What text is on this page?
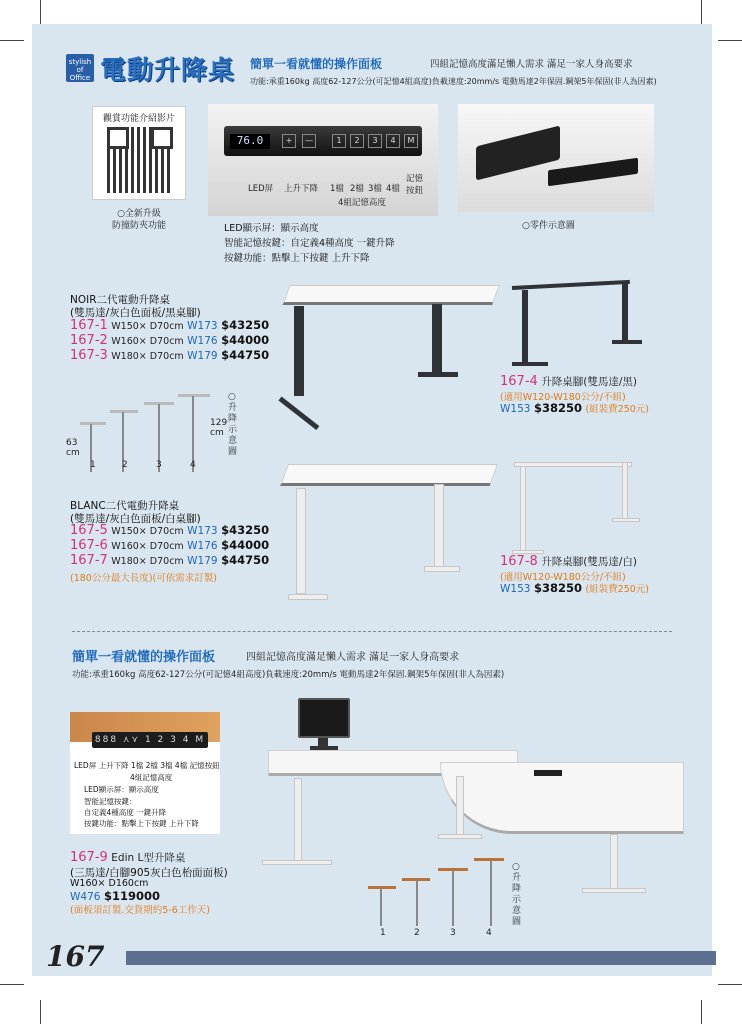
stylish of Office 電動升降桌 簡單一看就懂的操作面板	四組記憶高度滿足懶人需求 滿足一家人身高要求
功能:承重160kg 高度62-127公分(可記憶4組高度)負載速度:20mm/s 電動馬達2年保固.鋼架5年保固(非人為因素)
觀賞功能介紹影片
○全新升級
防撞防夾功能
76.0	+	—	1	2	3	4	M
LED屏 上升下降 1檔 2檔 3檔 4檔
記憶
按鈕
4組記憶高度
LED顯示屏：顯示高度
智能記憶按鍵：自定義4種高度 一鍵升降
按鍵功能：點擊上下按鍵 上升下降
○零件示意圖
NOIR二代電動升降桌
(雙馬達/灰白色面板/黑桌腳)
167-1 W150× D70cm W173 $43250
167-2 W160× D70cm W176 $44000
167-3 W180× D70cm W179 $44750
167-4 升降桌腳(雙馬達/黑)
(適用W120-W180公分/不組)
W153 $38250 (組裝費250元)
63
cm
129
cm
1	2	3	4
○升降示意圖
BLANC二代電動升降桌
(雙馬達/灰白色面板/白桌腳)
167-5 W150× D70cm W173 $43250
167-6 W160× D70cm W176 $44000
167-7 W180× D70cm W179 $44750
(180公分最大長度)(可依需求訂製)
167-8 升降桌腳(雙馬達/白)
(適用W120-W180公分/不組)
W153 $38250 (組裝費250元)
簡單一看就懂的操作面板	四組記憶高度滿足懶人需求 滿足一家人身高要求
功能:承重160kg 高度62-127公分(可記憶4組高度)負載速度:20mm/s 電動馬達2年保固.鋼架5年保固(非人為因素)
888 ⋏⋎ 1 2 3 4 M
LED屏 上升下降 1檔 2檔 3檔 4檔 記憶按鈕
4組記憶高度
LED顯示屏：顯示高度
智能記憶按鍵：
自定義4種高度 一鍵升降
按鍵功能：點擊上下按鍵 上升下降
167-9 Edin L型升降桌
(三馬達/白腳905灰白色枱面面板)
W160× D160cm
W476 $119000
(面板須訂製.交貨期約5-6工作天)
1	2	3	4
○升降示意圖
167
